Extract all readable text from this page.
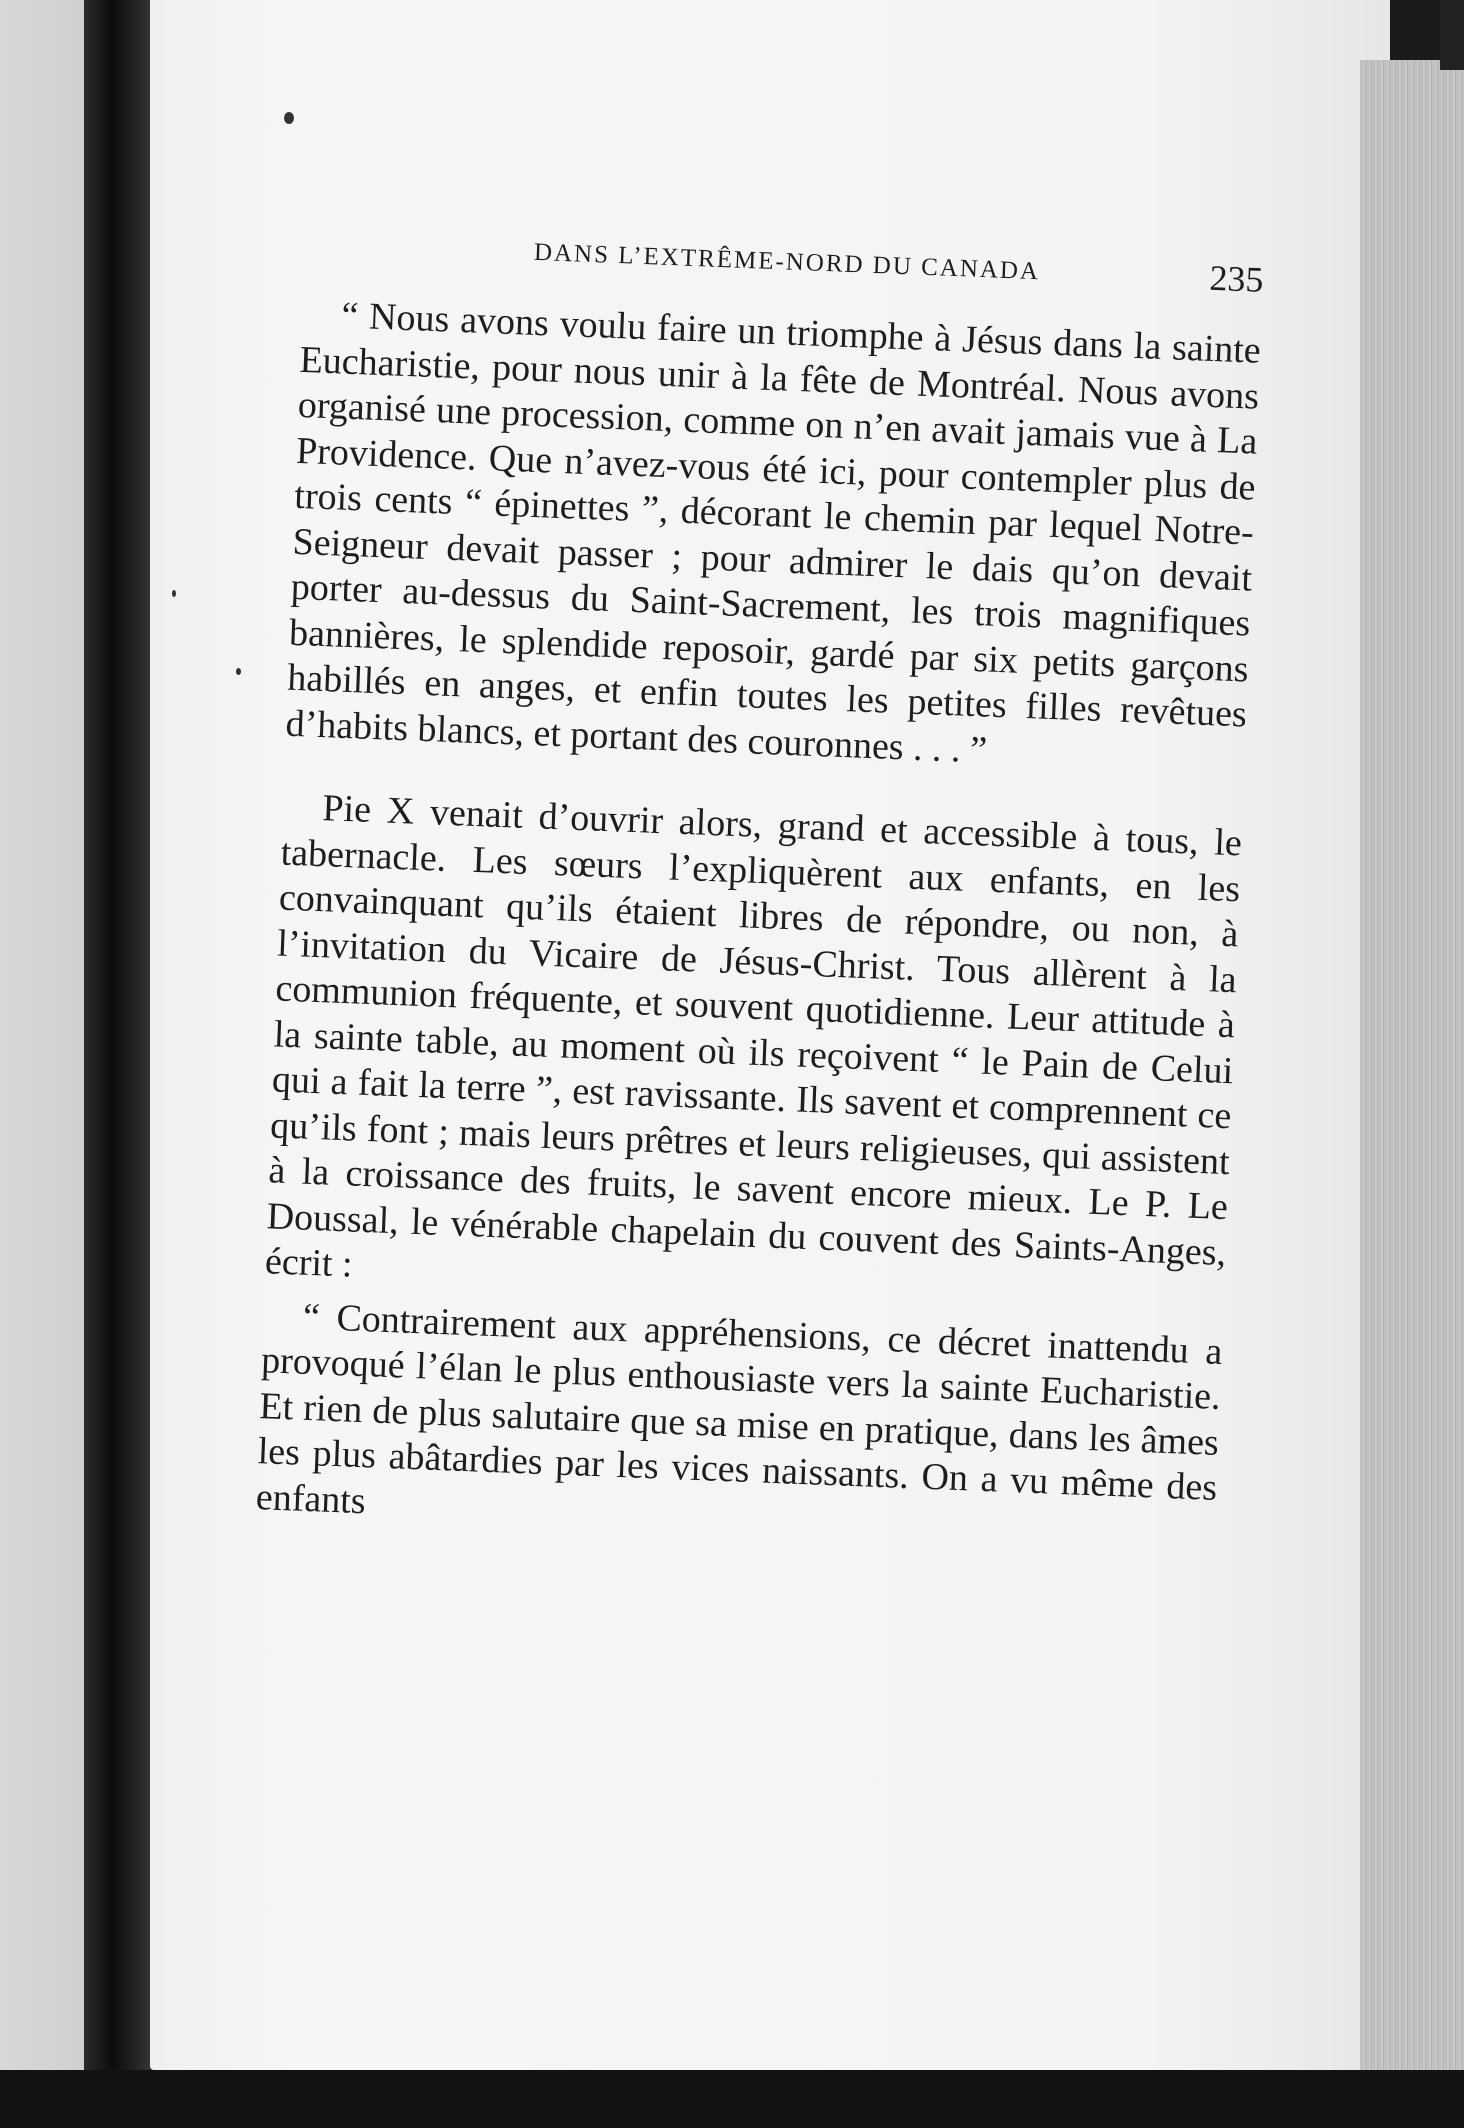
DANS L’EXTRÊME-NORD DU CANADA	235

“ Nous avons voulu faire un triomphe à Jésus dans la sainte Eucharistie, pour nous unir à la fête de Montréal. Nous avons organisé une procession, comme on n’en avait jamais vue à La Providence. Que n’avez-vous été ici, pour contempler plus de trois cents “ épinettes ”, décorant le chemin par lequel Notre-Seigneur devait passer ; pour admirer le dais qu’on devait porter au-dessus du Saint-Sacrement, les trois magnifiques bannières, le splendide reposoir, gardé par six petits garçons habillés en anges, et enfin toutes les petites filles revêtues d’habits blancs, et portant des couronnes . . . ”

Pie X venait d’ouvrir alors, grand et accessible à tous, le tabernacle. Les sœurs l’expliquèrent aux enfants, en les convainquant qu’ils étaient libres de répondre, ou non, à l’invitation du Vicaire de Jésus-Christ. Tous allèrent à la communion fréquente, et souvent quotidienne. Leur attitude à la sainte table, au moment où ils reçoivent “ le Pain de Celui qui a fait la terre ”, est ravissante. Ils savent et comprennent ce qu’ils font ; mais leurs prêtres et leurs religieuses, qui assistent à la croissance des fruits, le savent encore mieux. Le P. Le Doussal, le vénérable chapelain du couvent des Saints-Anges, écrit :

“ Contrairement aux appréhensions, ce décret inattendu a provoqué l’élan le plus enthousiaste vers la sainte Eucharistie. Et rien de plus salutaire que sa mise en pratique, dans les âmes les plus abâtardies par les vices naissants. On a vu même des enfants
